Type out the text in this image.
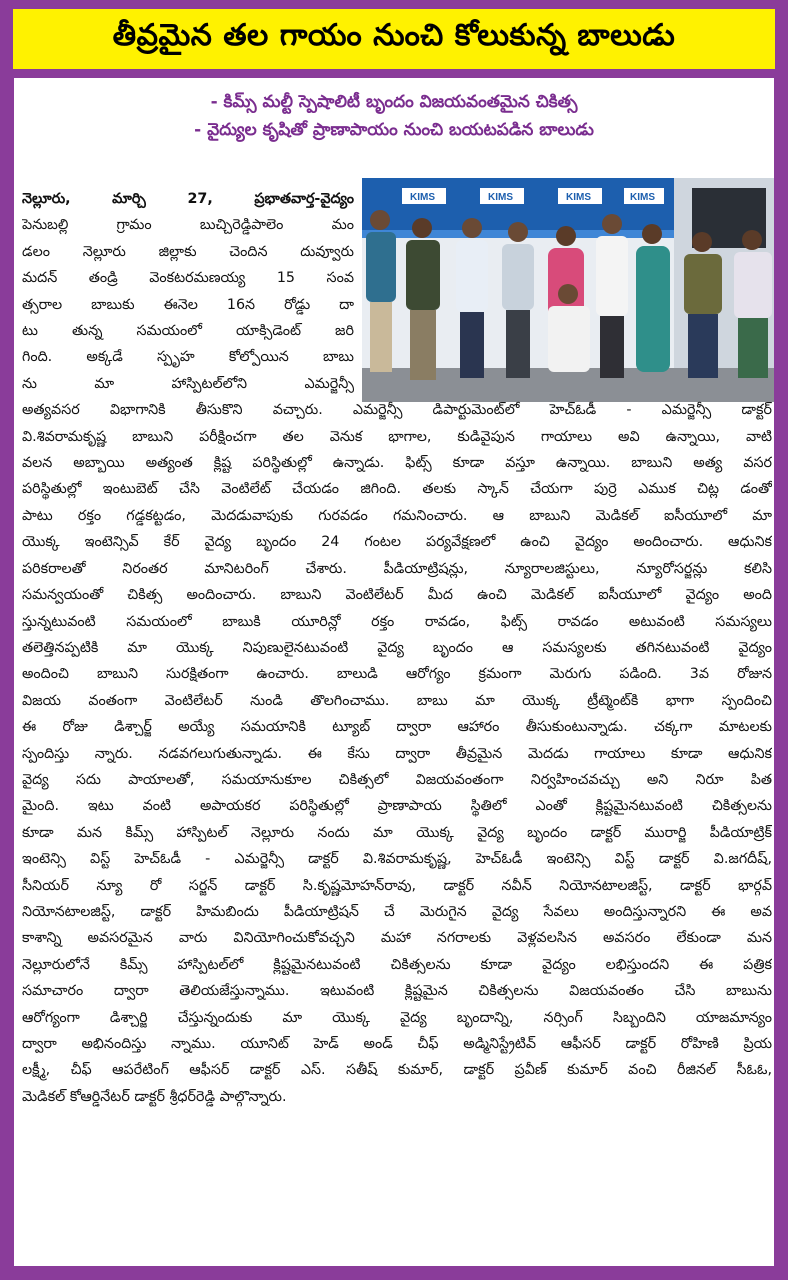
తీవ్రమైన తల గాయం నుంచి కోలుకున్న బాలుడు
- కిమ్స్ మల్టీ స్పెషాలిటీ బృందం విజయవంతమైన చికిత్స
- వైద్యుల కృషితో ప్రాణాపాయం నుంచి బయటపడిన బాలుడు
KIMS	KIMS	KIMS	KIMS

నెల్లూరు, మార్చి 27, ప్రభాతవార్త-వైద్యం

పెనుబల్లి గ్రామం బుచ్చిరెడ్డిపాలెం మం

డలం నెల్లూరు జిల్లాకు చెందిన దువ్వూరు

మదన్ తండ్రి వెంకటరమణయ్య 15 సంవ

త్సరాల బాబుకు ఈనెల 16న రోడ్డు దా

టు తున్న సమయంలో యాక్సిడెంట్ జరి

గింది. అక్కడే స్పృహ కోల్పోయిన బాబు

ను మా హాస్పిటల్‌లోని ఎమర్జెన్సీ

అత్యవసర విభాగానికి తీసుకొని వచ్చారు. ఎమర్జెన్సీ డిపార్టుమెంట్‌లో హెచ్‌ఓడీ - ఎమర్జెన్సీ డాక్టర్

వి.శివరామకృష్ణ బాబుని పరీక్షించగా తల వెనుక భాగాల, కుడివైపున గాయాలు అవి ఉన్నాయి, వాటి

వలన అబ్బాయి అత్యంత క్లిష్ట పరిస్థితుల్లో ఉన్నాడు. ఫిట్స్ కూడా వస్తూ ఉన్నాయి. బాబుని అత్య వసర

పరిస్థితుల్లో ఇంటుబెట్ చేసి వెంటిలేట్ చేయడం జిగింది. తలకు స్కాన్ చేయగా పుర్రె ఎముక చిట్ల డంతో

పాటు రక్తం గడ్డకట్టడం, మెదడువాపుకు గురవడం గమనించారు. ఆ బాబుని మెడికల్ ఐసీయూలో మా

యొక్క ఇంటెన్సివ్ కేర్ వైద్య బృందం 24 గంటల పర్యవేక్షణలో ఉంచి వైద్యం అందించారు. ఆధునిక

పరికరాలతో నిరంతర మానిటరింగ్ చేశారు. పీడియాట్రిషన్లు, న్యూరాలజిస్టులు, న్యూరోసర్జన్లు కలిసి

సమన్వయంతో చికిత్స అందించారు. బాబుని వెంటిలేటర్ మీద ఉంచి మెడికల్ ఐసీయూలో వైద్యం అంది

స్తున్నటువంటి సమయంలో బాబుకి యూరిన్లో రక్తం రావడం, ఫిట్స్ రావడం అటువంటి సమస్యలు

తలెత్తినప్పటికి మా యొక్క నిపుణులైనటువంటి వైద్య బృందం ఆ సమస్యలకు తగినటువంటి వైద్యం

అందించి బాబుని సురక్షితంగా ఉంచారు. బాలుడి ఆరోగ్యం క్రమంగా మెరుగు పడింది. 3వ రోజున

విజయ వంతంగా వెంటిలేటర్ నుండి తొలగించాము. బాబు మా యొక్క ట్రీట్మెంట్‌కి భాగా స్పందించి

ఈ రోజు డిశ్చార్జ్ అయ్యే సమయానికి ట్యూబ్ ద్వారా ఆహారం తీసుకుంటున్నాడు. చక్కగా మాటలకు

స్పందిస్తు న్నారు. నడవగలుగుతున్నాడు. ఈ కేసు ద్వారా తీవ్రమైన మెదడు గాయాలు కూడా ఆధునిక

వైద్య సదు పాయాలతో, సమయానుకూల చికిత్సలో విజయవంతంగా నిర్వహించవచ్చు అని నిరూ పిత

మైంది. ఇటు వంటి అపాయకర పరిస్థితుల్లో ప్రాణాపాయ స్థితిలో ఎంతో క్లిష్టమైనటువంటి చికిత్సలను

కూడా మన కిమ్స్ హాస్పిటల్ నెల్లూరు నందు మా యొక్క వైద్య బృందం డాక్టర్ మురార్జి పీడియాట్రిక్

ఇంటెన్సి విస్ట్ హెచ్‌ఓడీ - ఎమర్జెన్సీ డాక్టర్ వి.శివరామకృష్ణ, హెచ్‌ఓడీ ఇంటెన్సి విస్ట్ డాక్టర్ వి.జగదీష్,

సీనియర్ న్యూ రో సర్జన్ డాక్టర్ సి.కృష్ణమోహన్‌రావు, డాక్టర్ నవీన్ నియోనటాలజిస్ట్, డాక్టర్ భార్గవ్

నియోనటాలజిస్ట్, డాక్టర్ హిమబిందు పీడియాట్రిషన్ చే మెరుగైన వైద్య సేవలు అందిస్తున్నారని ఈ అవ

కాశాన్ని అవసరమైన వారు వినియోగించుకోవచ్చని మహా నగరాలకు వెళ్లవలసిన అవసరం లేకుండా మన

నెల్లూరులోనే కిమ్స్ హాస్పిటల్‌లో క్లిష్టమైనటువంటి చికిత్సలను కూడా వైద్యం లభిస్తుందని ఈ పత్రిక

సమాచారం ద్వారా తెలియజేస్తున్నాము. ఇటువంటి క్లిష్టమైన చికిత్సలను విజయవంతం చేసి బాబును

ఆరోగ్యంగా డిశ్చార్జి చేస్తున్నందుకు మా యొక్క వైద్య బృందాన్ని, నర్సింగ్ సిబ్బందిని యాజమాన్యం

ద్వారా అభినందిస్తు న్నాము. యూనిట్ హెడ్ అండ్ చీఫ్ అడ్మినిస్ట్రేటివ్ ఆఫీసర్ డాక్టర్ రోహిణి ప్రియ

లక్ష్మీ, చీఫ్ ఆపరేటింగ్ ఆఫీసర్ డాక్టర్ ఎస్. సతీష్ కుమార్, డాక్టర్ ప్రవీణ్ కుమార్ వంచి రీజినల్ సీఓఓ,

మెడికల్ కోఆర్డినేటర్ డాక్టర్ శ్రీధర్‌రెడ్డి పాల్గొన్నారు.
